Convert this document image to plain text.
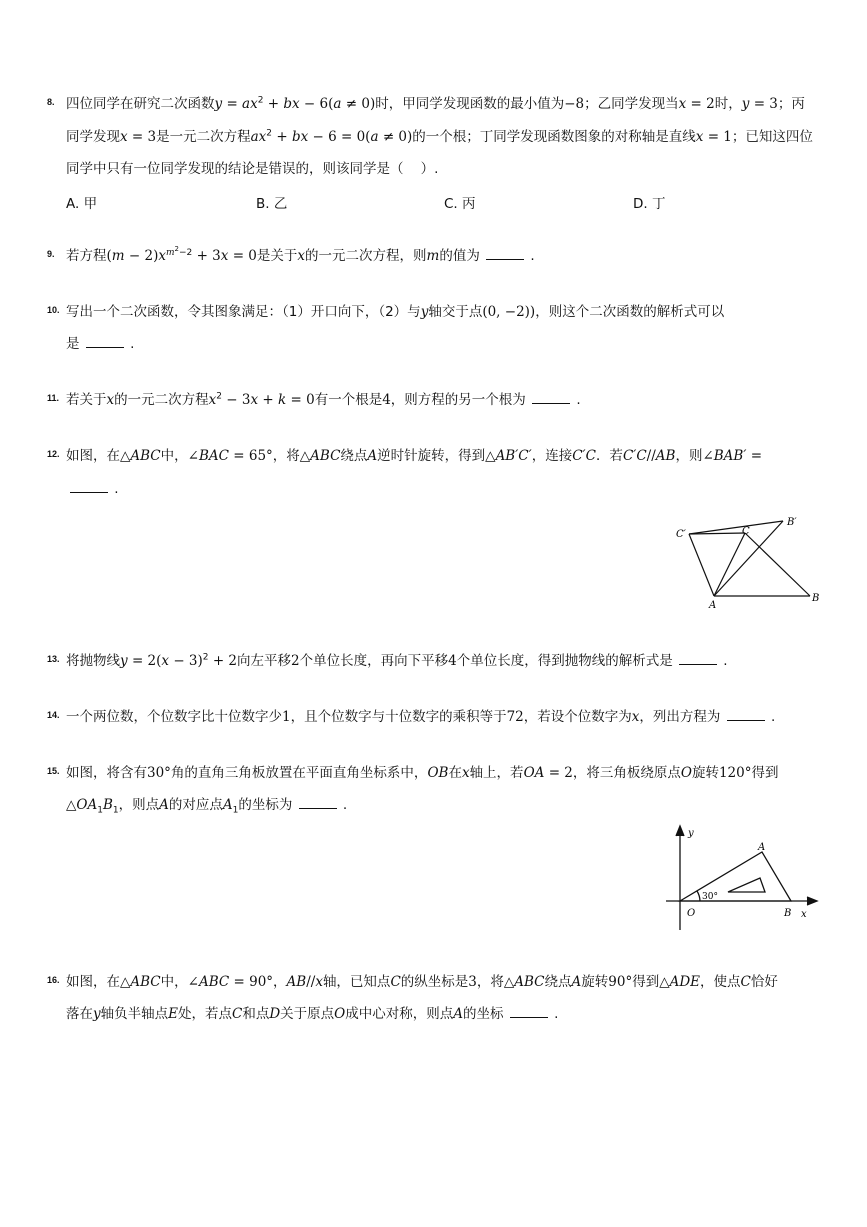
8. 四位同学在研究二次函数$y = ax^2$ + bx − 6(a ≠ 0)时，甲同学发现函数的最小值为−8；乙同学发现当x = 2时，y = 3；丙
同学发现x = 3是一元二次方程$ax^2$ + bx − 6 = 0(a ≠ 0)的一个根；丁同学发现函数图象的对称轴是直线x = 1；已知这四位
同学中只有一位同学发现的结论是错误的，则该同学是（    ）.
A. 甲	B. 乙	C. 丙	D. 丁
9. 若方程$(m - 2)x^{m^2-2} + 3x = 0$是关于x的一元二次方程，则m的值为	.
10. 写出一个二次函数，令其图象满足：（1）开口向下，（2）与y轴交于点(0, −2))，则这个二次函数的解析式可以
是	.
11. 若关于x的一元二次方程$x^2 - 3x + k = 0$有一个根是4，则方程的另一个根为	.
12. 如图，在△ABC中，∠BAC = 65°，将△ABC绕点A逆时针旋转，得到△AB′C′，连接C′C．若C′C//AB，则∠BAB′ =
.
C′	C
B′
A
B
13. 将抛物线$y = 2(x - 3)^2 + 2$向左平移2个单位长度，再向下平移4个单位长度，得到抛物线的解析式是	.
14. 一个两位数，个位数字比十位数字少1，且个位数字与十位数字的乘积等于72，若设个位数字为x，列出方程为	.
15. 如图，将含有30°角的直角三角板放置在平面直角坐标系中，OB在x轴上，若OA = 2，将三角板绕原点O旋转120°得到
$\triangle OA_1B_1$，则点A的对应点$A_1$的坐标为	.
y
A
30°
O	B x
16. 如图，在△ABC中，∠ABC = 90°，AB//x轴，已知点C的纵坐标是3，将△ABC绕点A旋转90°得到△ADE，使点C恰好
落在y轴负半轴点E处，若点C和点D关于原点O成中心对称，则点A的坐标	.
